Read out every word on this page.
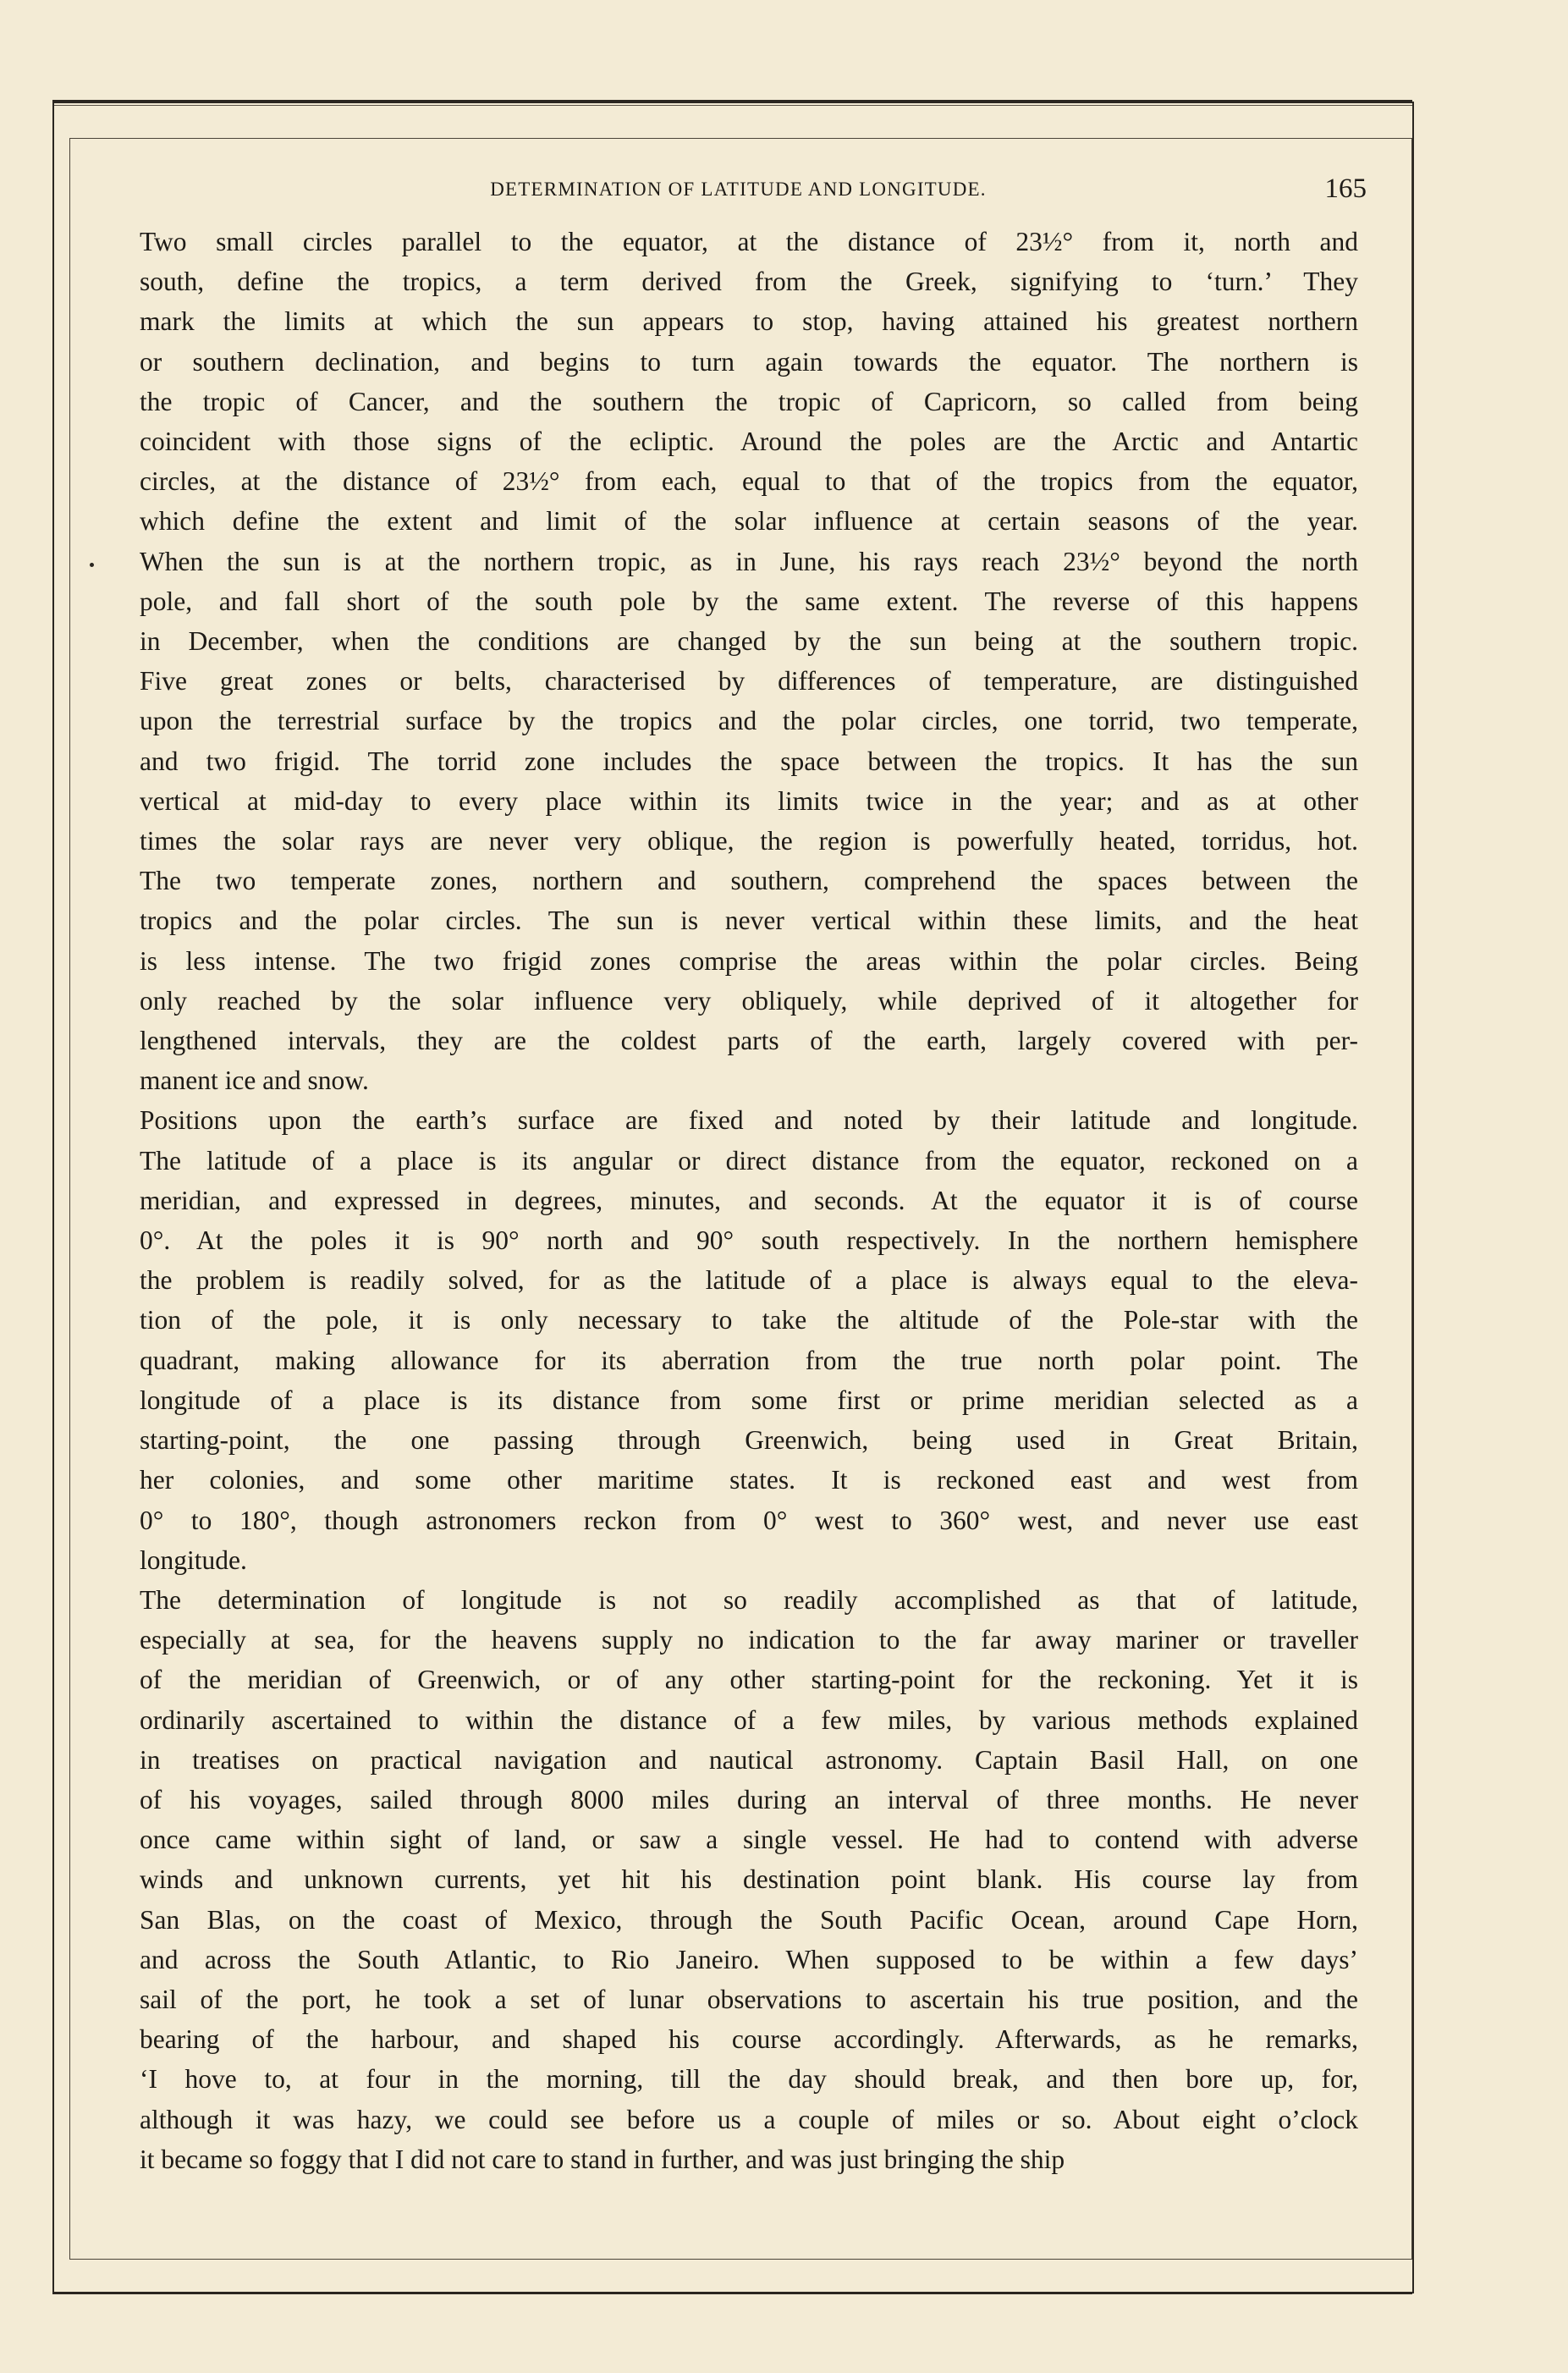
DETERMINATION OF LATITUDE AND LONGITUDE.	165

Two small circles parallel to the equator, at the distance of 23½° from it, north and
south, define the tropics, a term derived from the Greek, signifying to ‘turn.’ They
mark the limits at which the sun appears to stop, having attained his greatest northern
or southern declination, and begins to turn again towards the equator. The northern is
the tropic of Cancer, and the southern the tropic of Capricorn, so called from being
coincident with those signs of the ecliptic. Around the poles are the Arctic and Antartic
circles, at the distance of 23½° from each, equal to that of the tropics from the equator,
which define the extent and limit of the solar influence at certain seasons of the year.
When the sun is at the northern tropic, as in June, his rays reach 23½° beyond the north
pole, and fall short of the south pole by the same extent. The reverse of this happens
in December, when the conditions are changed by the sun being at the southern tropic.
Five great zones or belts, characterised by differences of temperature, are distinguished
upon the terrestrial surface by the tropics and the polar circles, one torrid, two temperate,
and two frigid. The torrid zone includes the space between the tropics. It has the sun
vertical at mid-day to every place within its limits twice in the year; and as at other
times the solar rays are never very oblique, the region is powerfully heated, torridus, hot.
The two temperate zones, northern and southern, comprehend the spaces between the
tropics and the polar circles. The sun is never vertical within these limits, and the heat
is less intense. The two frigid zones comprise the areas within the polar circles. Being
only reached by the solar influence very obliquely, while deprived of it altogether for
lengthened intervals, they are the coldest parts of the earth, largely covered with per-
manent ice and snow.

Positions upon the earth’s surface are fixed and noted by their latitude and longitude.
The latitude of a place is its angular or direct distance from the equator, reckoned on a
meridian, and expressed in degrees, minutes, and seconds. At the equator it is of course
0°. At the poles it is 90° north and 90° south respectively. In the northern hemisphere
the problem is readily solved, for as the latitude of a place is always equal to the eleva-
tion of the pole, it is only necessary to take the altitude of the Pole-star with the
quadrant, making allowance for its aberration from the true north polar point. The
longitude of a place is its distance from some first or prime meridian selected as a
starting-point, the one passing through Greenwich, being used in Great Britain,
her colonies, and some other maritime states. It is reckoned east and west from
0° to 180°, though astronomers reckon from 0° west to 360° west, and never use east
longitude.

The determination of longitude is not so readily accomplished as that of latitude,
especially at sea, for the heavens supply no indication to the far away mariner or traveller
of the meridian of Greenwich, or of any other starting-point for the reckoning. Yet it is
ordinarily ascertained to within the distance of a few miles, by various methods explained
in treatises on practical navigation and nautical astronomy. Captain Basil Hall, on one
of his voyages, sailed through 8000 miles during an interval of three months. He never
once came within sight of land, or saw a single vessel. He had to contend with adverse
winds and unknown currents, yet hit his destination point blank. His course lay from
San Blas, on the coast of Mexico, through the South Pacific Ocean, around Cape Horn,
and across the South Atlantic, to Rio Janeiro. When supposed to be within a few days’
sail of the port, he took a set of lunar observations to ascertain his true position, and the
bearing of the harbour, and shaped his course accordingly. Afterwards, as he remarks,
‘I hove to, at four in the morning, till the day should break, and then bore up, for,
although it was hazy, we could see before us a couple of miles or so. About eight o’clock
it became so foggy that I did not care to stand in further, and was just bringing the ship
